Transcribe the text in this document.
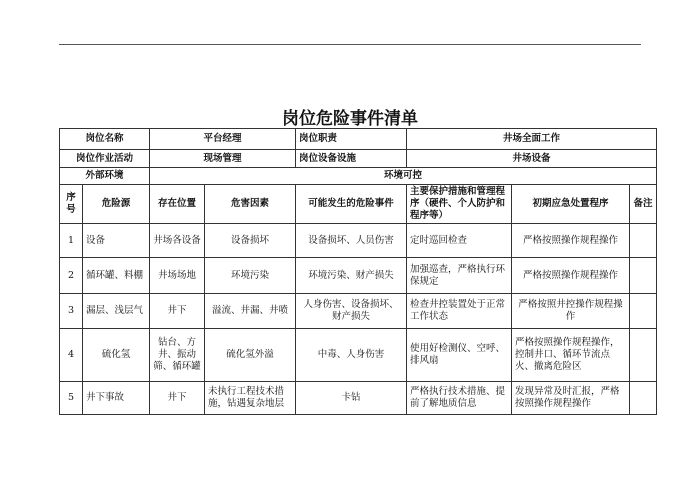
岗位危险事件清单
岗位名称		平台经理		岗位职责	井场全面工作		
岗位作业活动		现场管理		岗位设备设施	井场设备		
外部环境		环境可控					
序号	危险源	存在位置	危害因素	可能发生的危险事件	主要保护措施和管理程序（硬件、个人防护和程序等）	初期应急处置程序	备注
1	设备	井场各设备	设备损坏	设备损坏、人员伤害	定时巡回检查	严格按照操作规程操作	
2	循环罐、料棚	井场场地	环境污染	环境污染、财产损失	加强巡查，严格执行环保规定	严格按照操作规程操作	
3	漏层、浅层气	井下	溢流、井漏、井喷	人身伤害、设备损坏、财产损失	检查井控装置处于正常工作状态	严格按照井控操作规程操作	
4	硫化氢	钻台、方井、振动筛、循环罐	硫化氢外溢	中毒、人身伤害	使用好检测仪、空呼、排风扇	严格按照操作规程操作，控制井口、循环节流点火、撤离危险区	
5	井下事故	井下	未执行工程技术措施，钻遇复杂地层	卡钻	严格执行技术措施、提前了解地质信息	发现异常及时汇报，严格按照操作规程操作	
